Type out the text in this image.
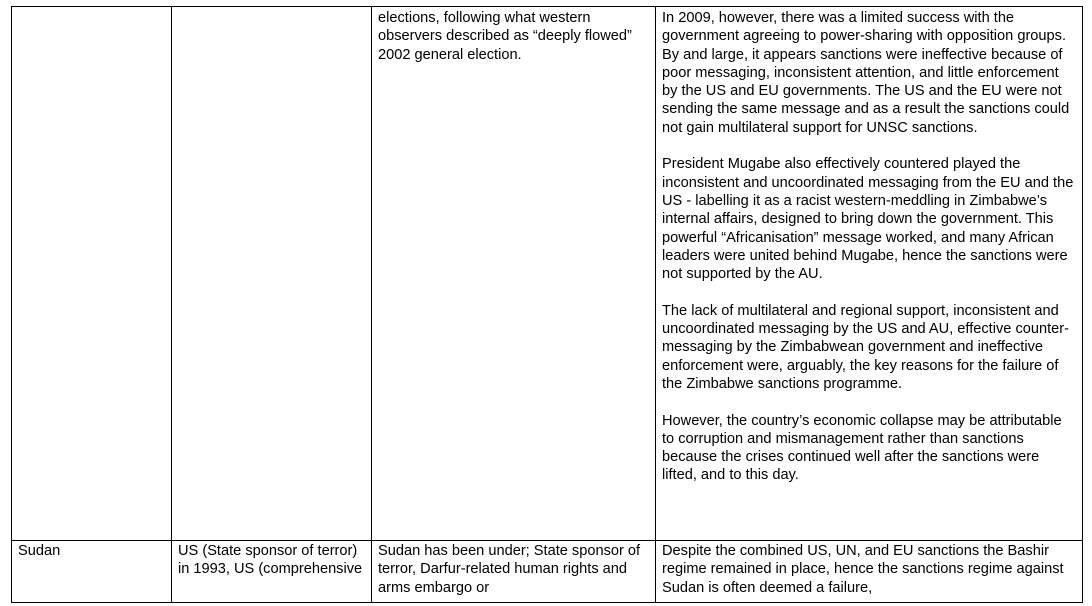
		elections, following what western observers described as “deeply flowed” 2002 general election.	In 2009, however, there was a limited success with the government agreeing to power-sharing with opposition groups. By and large, it appears sanctions were ineffective because of poor messaging, inconsistent attention, and little enforcement by the US and EU governments. The US and the EU were not sending the same message and as a result the sanctions could not gain multilateral support for UNSC sanctions.

President Mugabe also effectively countered played the inconsistent and uncoordinated messaging from the EU and the US - labelling it as a racist western-meddling in Zimbabwe’s internal affairs, designed to bring down the government. This powerful “Africanisation” message worked, and many African leaders were united behind Mugabe, hence the sanctions were not supported by the AU.

The lack of multilateral and regional support, inconsistent and uncoordinated messaging by the US and AU, effective counter-messaging by the Zimbabwean government and ineffective enforcement were, arguably, the key reasons for the failure of the Zimbabwe sanctions programme.

However, the country’s economic collapse may be attributable to corruption and mismanagement rather than sanctions because the crises continued well after the sanctions were lifted, and to this day.

Sudan	US (State sponsor of terror) in 1993, US (comprehensive	Sudan has been under; State sponsor of terror, Darfur-related human rights and arms embargo or	Despite the combined US, UN, and EU sanctions the Bashir regime remained in place, hence the sanctions regime against Sudan is often deemed a failure,
